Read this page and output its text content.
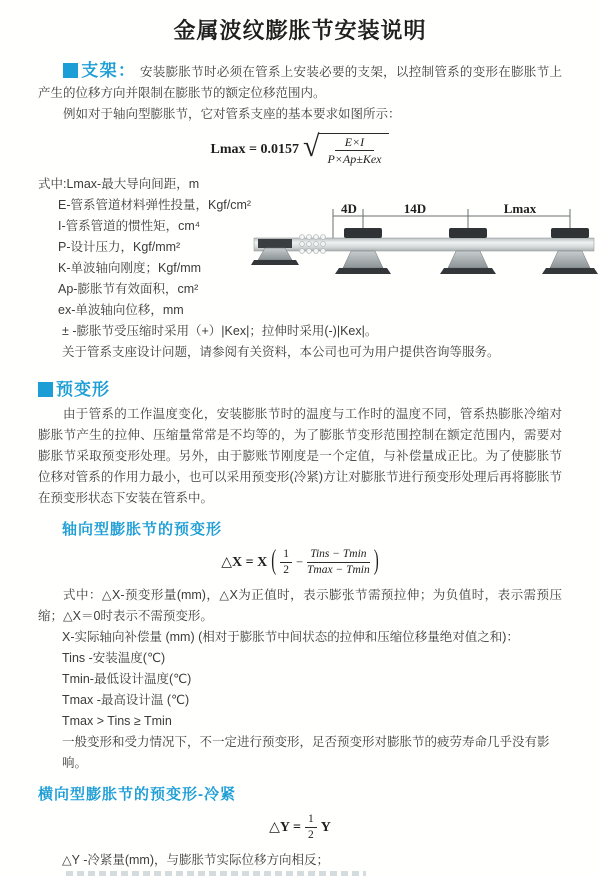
金属波纹膨胀节安装说明

支架： 安装膨胀节时必须在管系上安装必要的支架，以控制管系的变形在膨胀节上产生的位移方向并限制在膨胀节的额定位移范围内。

例如对于轴向型膨胀节，它对管系支座的基本要求如图所示：

Lmax = 0.0157 √	E×I
P×Ap±Kex
式中:Lmax-最大导向间距，m
E-管系管道材料弹性投量，Kgf/cm²
I-管系管道的惯性矩，cm⁴
P-设计压力，Kgf/mm²
K-单波轴向刚度；Kgf/mm
Ap-膨胀节有效面积，cm²
ex-单波轴向位移，mm
4D	14D	Lmax

± -膨胀节受压缩时采用（+）|Kex|；拉伸时采用(-)|Kex|。

关于管系支座设计问题，请参阅有关资料，本公司也可为用户提供咨询等服务。

预变形

由于管系的工作温度变化，安装膨胀节时的温度与工作时的温度不同，管系热膨胀冷缩对膨胀节产生的拉伸、压缩量常常是不均等的，为了膨胀节变形范围控制在额定范围内，需要对膨胀节采取预变形处理。另外，由于膨账节刚度是一个定值，与补偿量成正比。为了使膨胀节位移对管系的作用力最小，也可以采用预变形(冷紧)方让对膨胀节进行预变形处理后再将膨胀节在预变形状态下安装在管系中。

轴向型膨胀节的预变形
△X = X ( $\frac{1}{2} - \frac{\text{Tins − Tmin}}{Tmax - Tmin}$ )

式中：△X-预变形量(mm)，△X为正值时，表示膨张节需预拉伸；为负值时，表示需预压缩；△X＝0时表示不需预变形。

X-实际轴向补偿量 (mm) (相对于膨胀节中间状态的拉伸和压缩位移量绝对值之和)：

Tins -安装温度(℃)

Tmin-最低设计温度(℃)

Tmax -最高设计温 (℃)

Tmax > Tins ≥ Tmin

一般变形和受力情况下，不一定进行预变形，足否预变形对膨胀节的疲劳寿命几乎没有影响。

横向型膨胀节的预变形-冷紧
△Y = $\frac{1}{2}$ Y

△Y -冷紧量(mm)，与膨胀节实际位移方向相反；
